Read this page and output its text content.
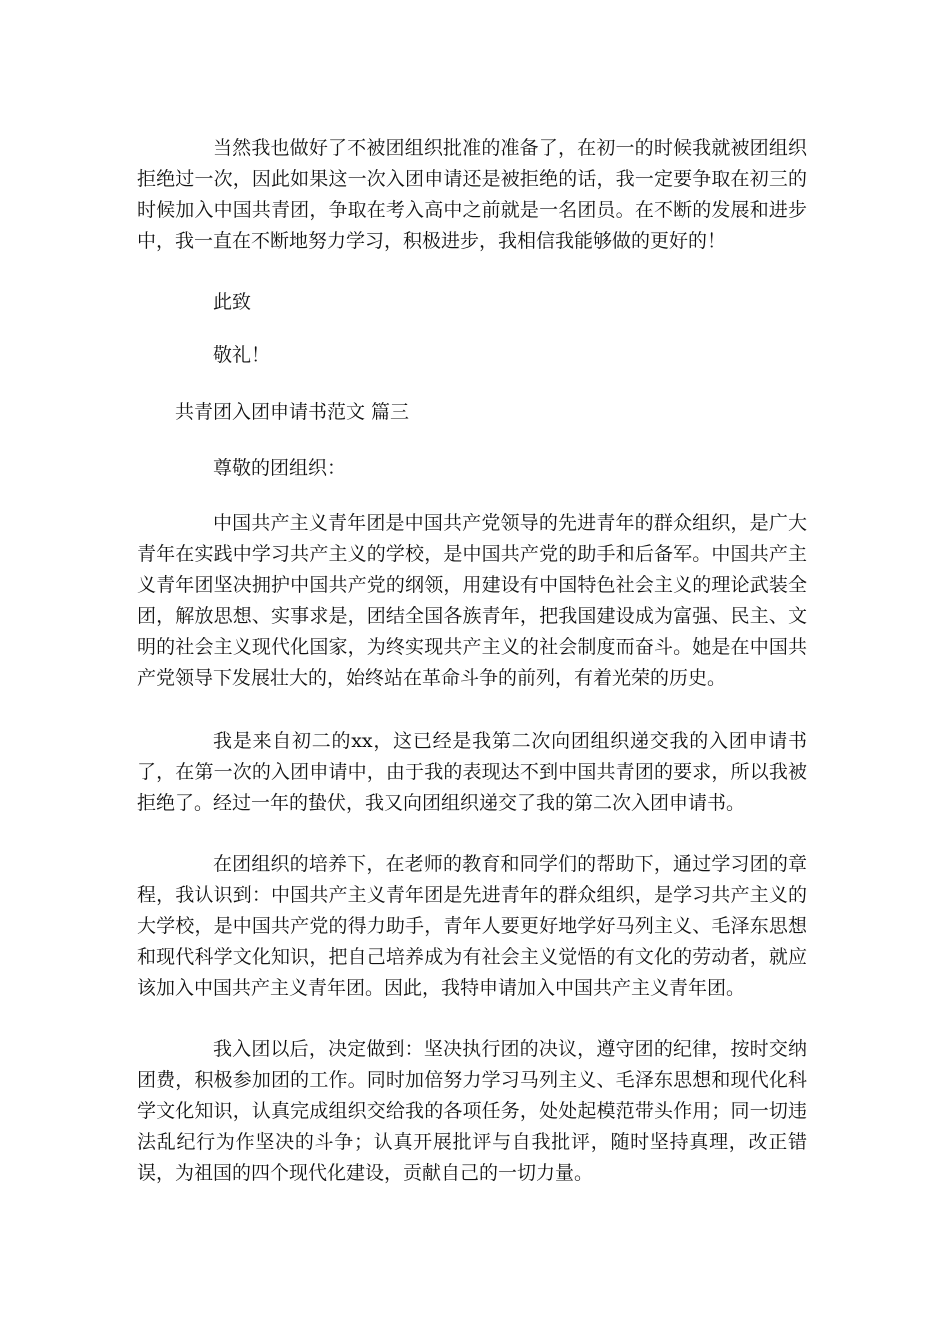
当然我也做好了不被团组织批准的准备了，在初一的时候我就被团组织拒绝过一次，因此如果这一次入团申请还是被拒绝的话，我一定要争取在初三的时候加入中国共青团，争取在考入高中之前就是一名团员。在不断的发展和进步中，我一直在不断地努力学习，积极进步，我相信我能够做的更好的！

此致

敬礼！

共青团入团申请书范文 篇三

尊敬的团组织：

中国共产主义青年团是中国共产党领导的先进青年的群众组织，是广大青年在实践中学习共产主义的学校，是中国共产党的助手和后备军。中国共产主义青年团坚决拥护中国共产党的纲领，用建设有中国特色社会主义的理论武装全团，解放思想、实事求是，团结全国各族青年，把我国建设成为富强、民主、文明的社会主义现代化国家，为终实现共产主义的社会制度而奋斗。她是在中国共产党领导下发展壮大的，始终站在革命斗争的前列，有着光荣的历史。

我是来自初二的xx，这已经是我第二次向团组织递交我的入团申请书了，在第一次的入团申请中，由于我的表现达不到中国共青团的要求，所以我被拒绝了。经过一年的蛰伏，我又向团组织递交了我的第二次入团申请书。

在团组织的培养下，在老师的教育和同学们的帮助下，通过学习团的章程，我认识到：中国共产主义青年团是先进青年的群众组织，是学习共产主义的大学校，是中国共产党的得力助手，青年人要更好地学好马列主义、毛泽东思想和现代科学文化知识，把自己培养成为有社会主义觉悟的有文化的劳动者，就应该加入中国共产主义青年团。因此，我特申请加入中国共产主义青年团。

我入团以后，决定做到：坚决执行团的决议，遵守团的纪律，按时交纳团费，积极参加团的工作。同时加倍努力学习马列主义、毛泽东思想和现代化科学文化知识，认真完成组织交给我的各项任务，处处起模范带头作用；同一切违法乱纪行为作坚决的斗争；认真开展批评与自我批评，随时坚持真理，改正错误，为祖国的四个现代化建设，贡献自己的一切力量。
